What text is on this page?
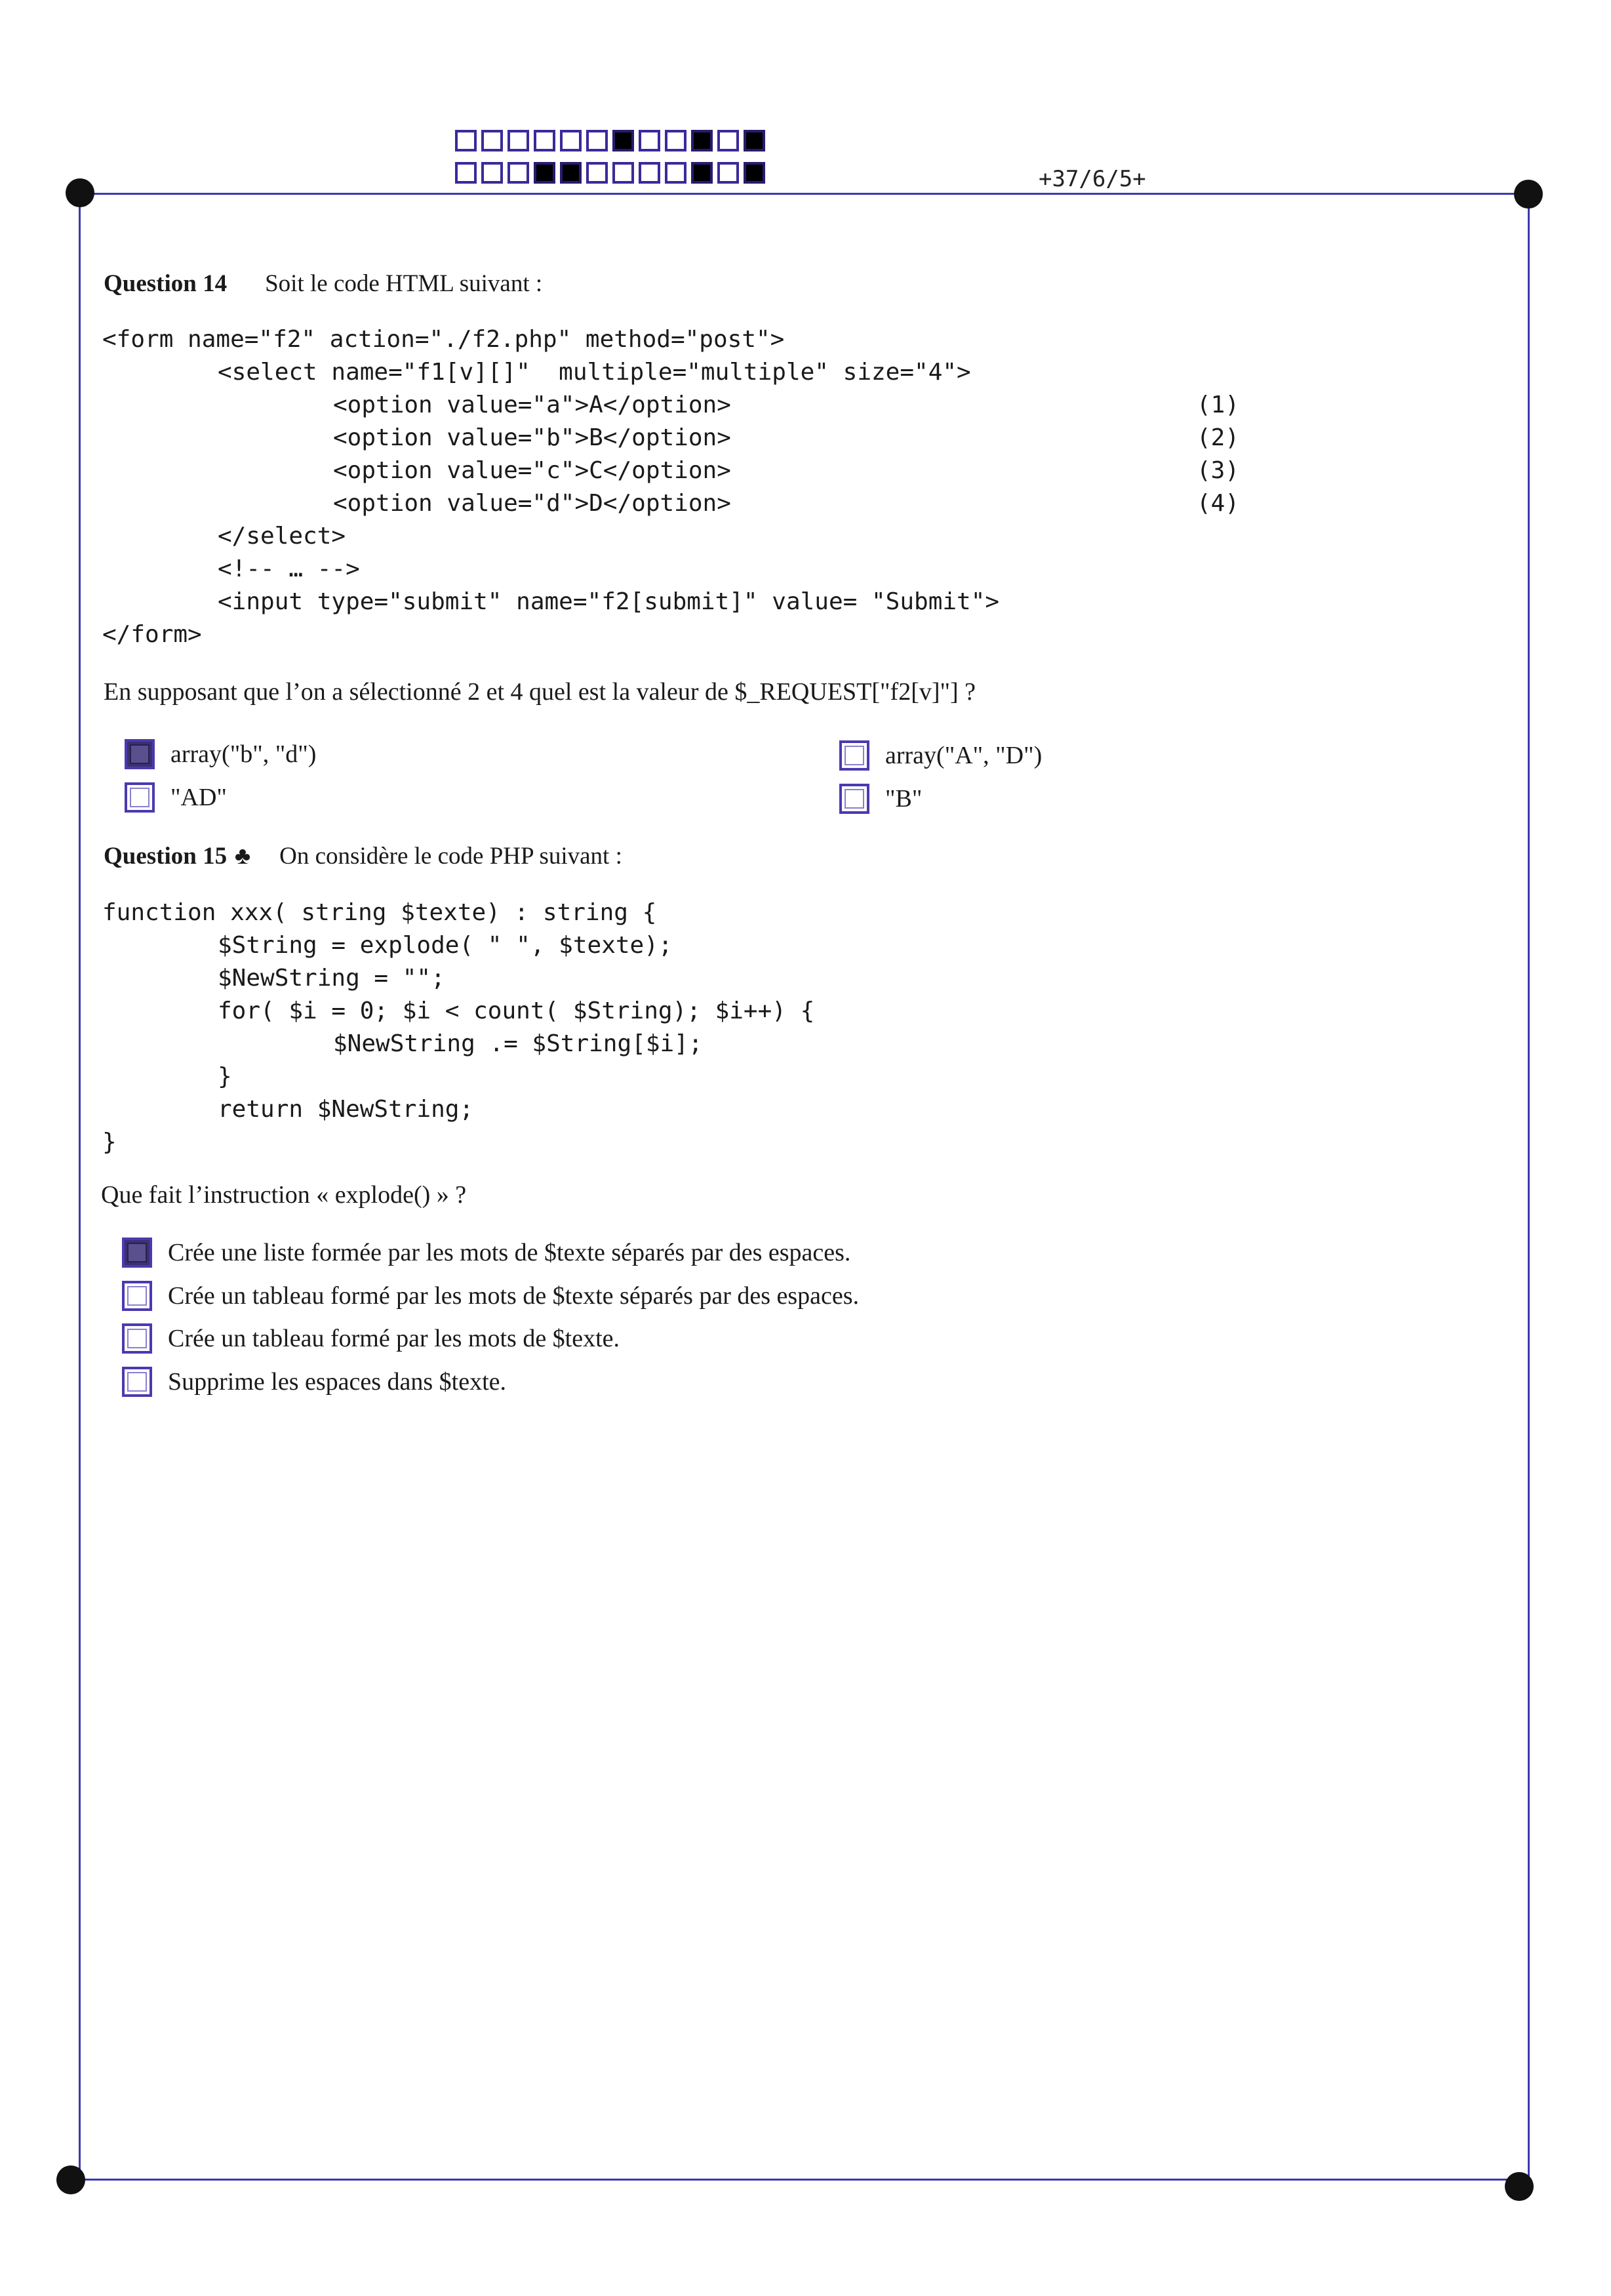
+37/6/5+
Question 14 Soit le code HTML suivant :
<form name="f2" action="./f2.php" method="post">
<select name="f1[v][]"  multiple="multiple" size="4">
<option value="a">A</option>
<option value="b">B</option>
<option value="c">C</option>
<option value="d">D</option>
</select>
<!-- … -->
<input type="submit" name="f2[submit]" value= "Submit">
</form>
(1)
(2)
(3)
(4)
En supposant que l’on a sélectionné 2 et 4 quel est la valeur de $_REQUEST["f2[v]"] ?
array("b", "d")	array("A", "D")
"AD"	"B"
Question 15 ♣ On considère le code PHP suivant :
function xxx( string $texte) : string {
$String = explode( " ", $texte);
$NewString = "";
for( $i = 0; $i < count( $String); $i++) {
$NewString .= $String[$i];
}
return $NewString;
}
Que fait l’instruction « explode() » ?
Crée une liste formée par les mots de $texte séparés par des espaces.
Crée un tableau formé par les mots de $texte séparés par des espaces.
Crée un tableau formé par les mots de $texte.
Supprime les espaces dans $texte.
